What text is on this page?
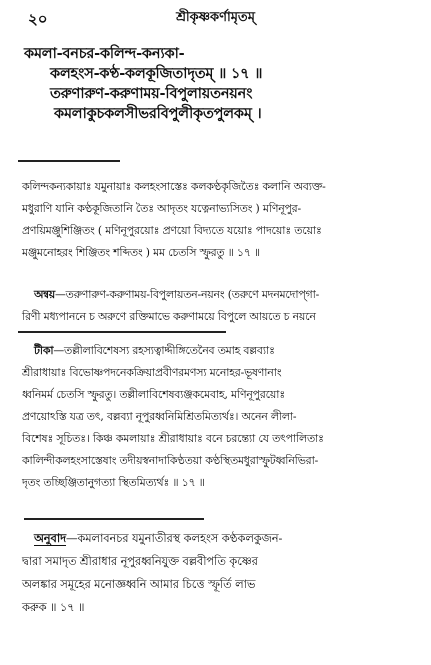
২০	শ্রীকৃষ্ণকর্ণামৃতম্
কমলা-বনচর-কলিন্দ-কন্যকা-
কলহংস-কণ্ঠ-কলকূজিতাদৃতম্ ॥ ১৭ ॥
তরুণারুণ-করুণাময়-বিপুলায়তনয়নং
কমলাকুচকলসীভরবিপুলীকৃতপুলকম্ ।

কলিন্দকন্যকায়াঃ যমুনায়াঃ কলহংসাস্তেঃ কলকণ্ঠকৃজিতৈঃ কলানি অব্যক্ত-

মধুরাণি যানি কণ্ঠকূজিতানি তৈঃ আদৃতং যত্নেনাভ্যসিতং ) মণিনূপুর-

প্রণয়িমঞ্জুশিঞ্জিতং ( মণিনূপুরয়োঃ প্রণয়ো বিদ্যতে যয়োঃ পাদয়োঃ তয়োঃ

মঞ্জুমনোহরং শিঞ্জিতং শব্দিতং ) মম চেতসি স্ফুরতু ॥ ১৭ ॥

অন্বয়—তরুণারুণ-করুণাময়-বিপুলায়তন-নয়নং (তরুণে মদনমদোপ্গা-

রিণী মধ্যপাননে চ অরুণে রক্তিমাভে করুণাময়ে বিপুলে আয়তে চ নয়নে

টীকা—তল্লীলাবিশেষস্য রহস্যত্বাদ্দীঙ্গিতেনৈব তমাহ বল্লব্যাঃ

শ্রীরাধায়াঃ বিভোষ্ণপদনেকক্রিয়াপ্রবীণরমণস্য মনোহর-ভূষণানাং

ধ্বনিমর্ম চেতসি স্ফুরতু। তল্লীলাবিশেষব্যঞ্জকমেবাহ, মণিনূপুরয়োঃ

প্রণয়োঽস্তি যত্র তৎ, বল্লব্যা নূপুরধ্বনিমিশ্রিতমিত্যর্থঃ। অনেন লীলা-

বিশেষঃ সূচিতঃ। কিঞ্চ কমলায়াঃ শ্রীরাধায়াঃ বনে চরন্ত্যো যে তৎপালিতাঃ

কালিন্দীকলহংসাস্তেষাং তদীয়স্বনাদাকিণ্ঠতয়া কণ্ঠস্থিতমধুরাস্ফুটধ্বনিভিরা-

দৃতং তচ্ছিঞ্জিতানুগত্যা স্থিতমিত্যর্থঃ ॥ ১৭ ॥

অনুবাদ—কমলাবনচর যমুনাতীরস্থ কলহংস কণ্ঠকলকুজন-

দ্বারা সমাদৃত শ্রীরাধার নূপুরধ্বনিযুক্ত বল্লবীপতি কৃষ্ণের

অলঙ্কার সমূহের মনোজ্ঞধ্বনি আমার চিত্তে স্ফূর্তি লাভ

করুক ॥ ১৭ ॥
